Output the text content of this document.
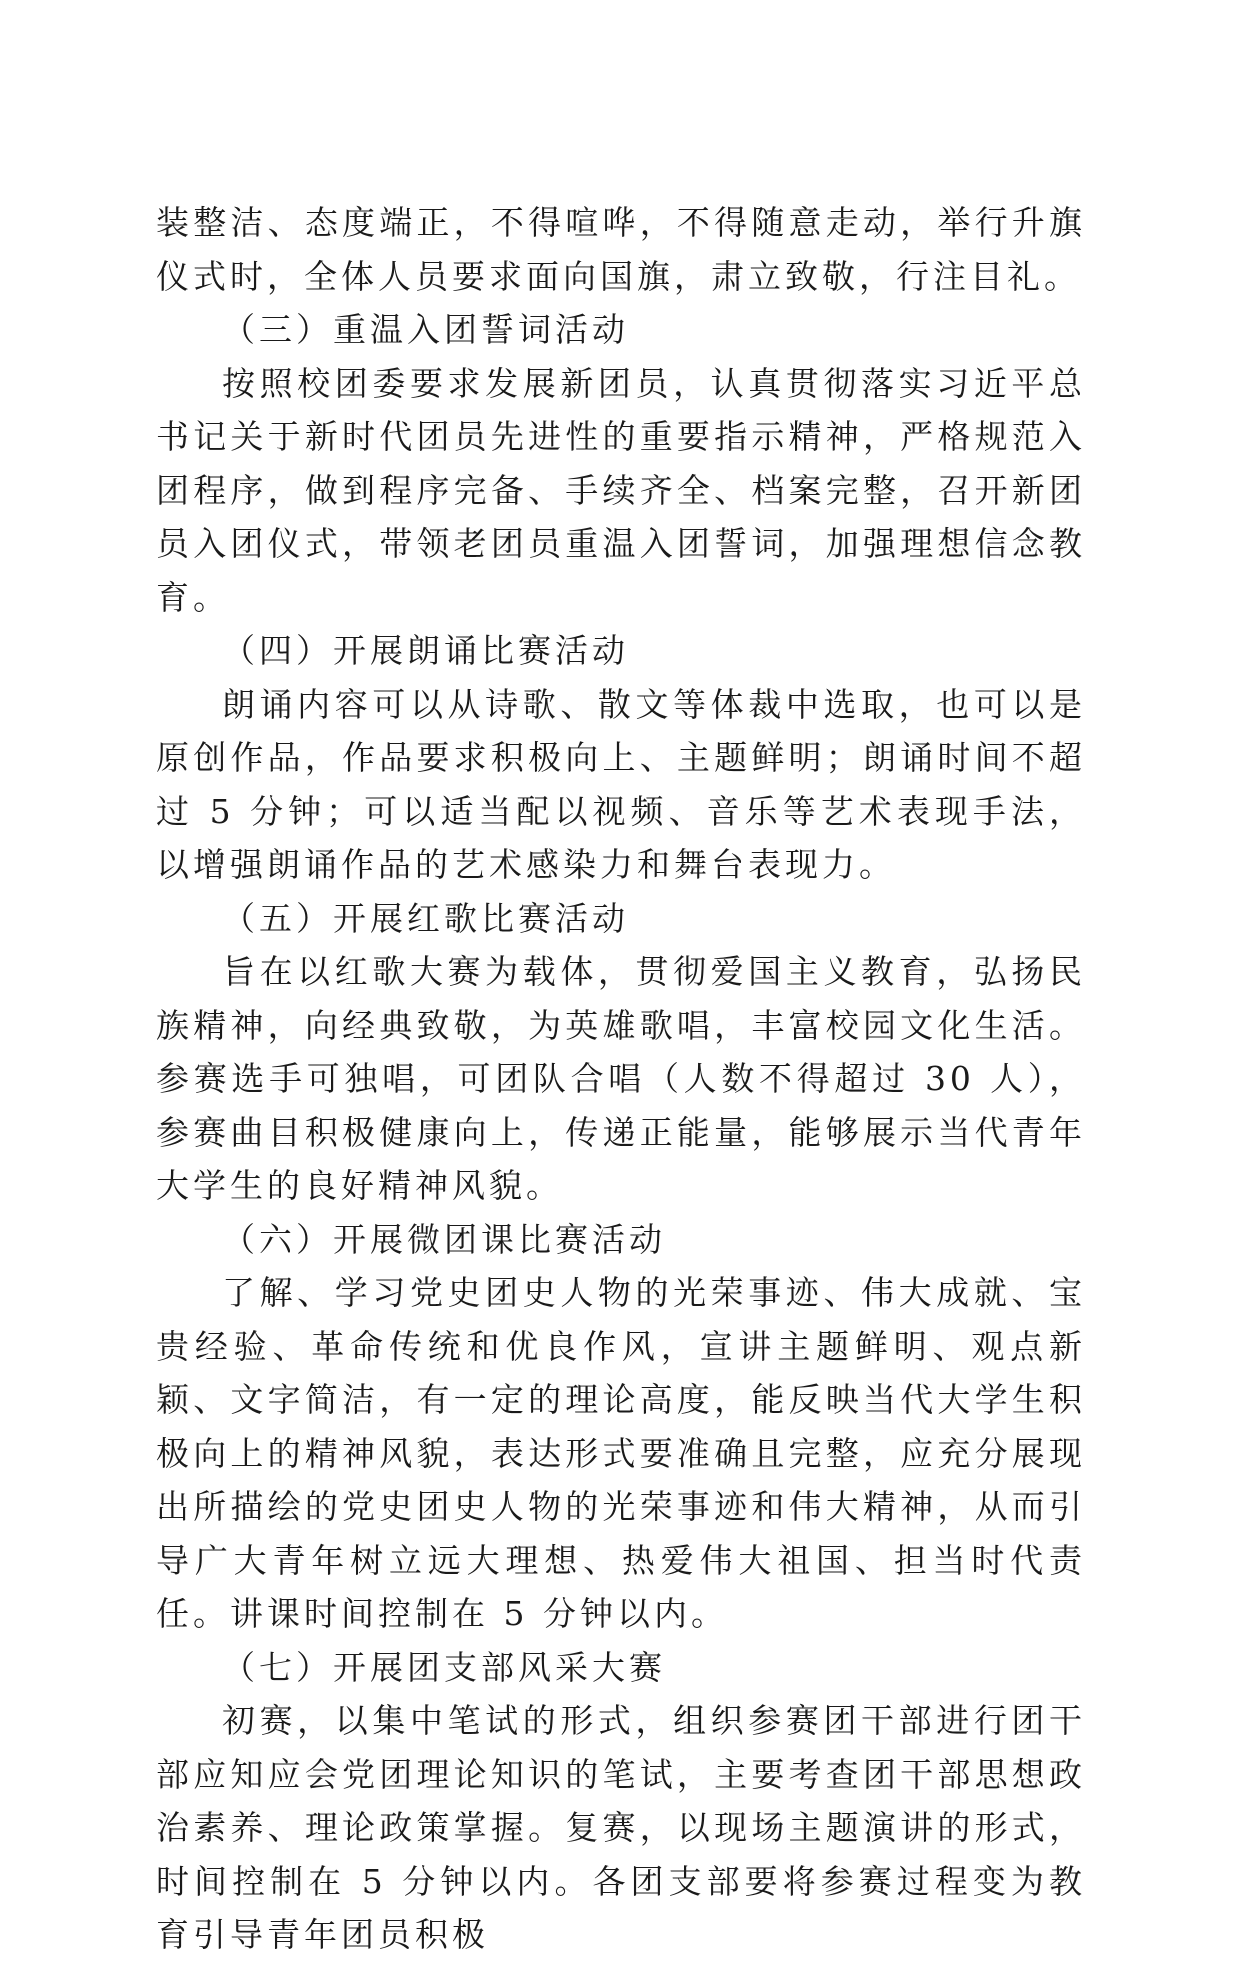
装整洁、态度端正，不得喧哗，不得随意走动，举行升旗仪式时，全体人员要求面向国旗，肃立致敬，行注目礼。

（三）重温入团誓词活动

按照校团委要求发展新团员，认真贯彻落实习近平总书记关于新时代团员先进性的重要指示精神，严格规范入团程序，做到程序完备、手续齐全、档案完整，召开新团员入团仪式，带领老团员重温入团誓词，加强理想信念教育。

（四）开展朗诵比赛活动

朗诵内容可以从诗歌、散文等体裁中选取，也可以是原创作品，作品要求积极向上、主题鲜明；朗诵时间不超过 5 分钟；可以适当配以视频、音乐等艺术表现手法，以增强朗诵作品的艺术感染力和舞台表现力。

（五）开展红歌比赛活动

旨在以红歌大赛为载体，贯彻爱国主义教育，弘扬民族精神，向经典致敬，为英雄歌唱，丰富校园文化生活。参赛选手可独唱，可团队合唱（人数不得超过 30 人），参赛曲目积极健康向上，传递正能量，能够展示当代青年大学生的良好精神风貌。

（六）开展微团课比赛活动

了解、学习党史团史人物的光荣事迹、伟大成就、宝贵经验、革命传统和优良作风，宣讲主题鲜明、观点新颖、文字简洁，有一定的理论高度，能反映当代大学生积极向上的精神风貌，表达形式要准确且完整，应充分展现出所描绘的党史团史人物的光荣事迹和伟大精神，从而引导广大青年树立远大理想、热爱伟大祖国、担当时代责任。讲课时间控制在 5 分钟以内。

（七）开展团支部风采大赛

初赛，以集中笔试的形式，组织参赛团干部进行团干部应知应会党团理论知识的笔试，主要考查团干部思想政治素养、理论政策掌握。复赛，以现场主题演讲的形式，时间控制在 5 分钟以内。各团支部要将参赛过程变为教育引导青年团员积极
